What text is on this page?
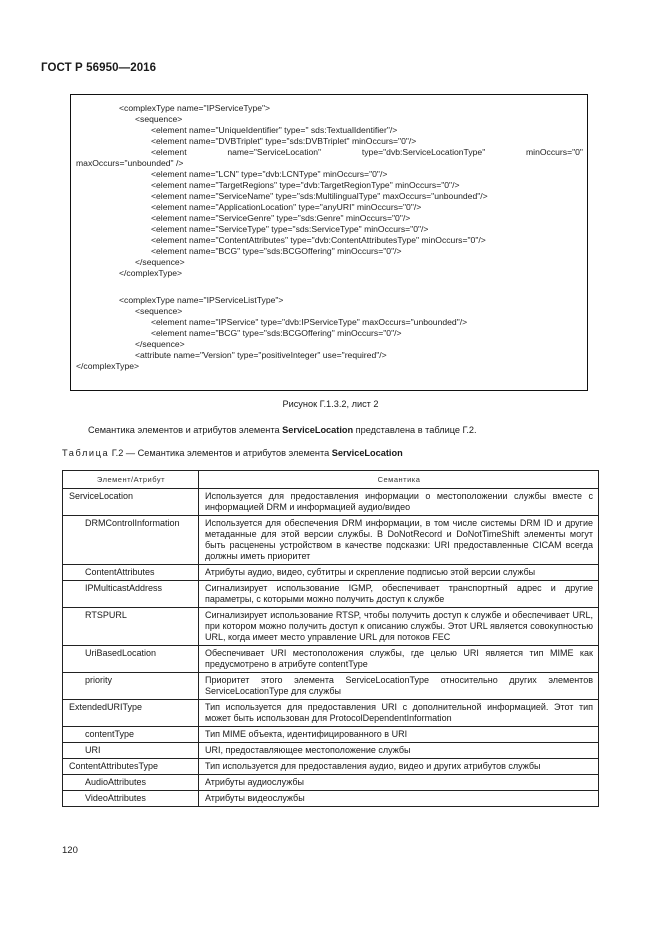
ГОСТ Р 56950—2016
<complexType name="IPServiceType">
<sequence>
<element name="UniqueIdentifier" type=" sds:TextualIdentifier"/>
<element name="DVBTriplet" type="sds:DVBTriplet" minOccurs="0"/>
<element	name="ServiceLocation"	type="dvb:ServiceLocationType"	minOccurs="0"
maxOccurs="unbounded" />
<element name="LCN" type="dvb:LCNType" minOccurs="0"/>
<element name="TargetRegions" type="dvb:TargetRegionType" minOccurs="0"/>
<element name="ServiceName" type="sds:MultilingualType" maxOccurs="unbounded"/>
<element name="ApplicationLocation" type="anyURI" minOccurs="0"/>
<element name="ServiceGenre" type="sds:Genre" minOccurs="0"/>
<element name="ServiceType" type="sds:ServiceType" minOccurs="0"/>
<element name="ContentAttributes" type="dvb:ContentAttributesType" minOccurs="0"/>
<element name="BCG" type="sds:BCGOffering" minOccurs="0"/>
</sequence>
</complexType>
<complexType name="IPServiceListType">
<sequence>
<element name="IPService" type="dvb:IPServiceType" maxOccurs="unbounded"/>
<element name="BCG" type="sds:BCGOffering" minOccurs="0"/>
</sequence>
<attribute name="Version" type="positiveInteger" use="required"/>
</complexType>
Рисунок Г.1.3.2, лист 2
Семантика элементов и атрибутов элемента ServiceLocation представлена в таблице Г.2.
Таблица Г.2 — Семантика элементов и атрибутов элемента ServiceLocation
Элемент/Атрибут	Семантика
ServiceLocation	Используется для предоставления информации о местоположении службы вместе с информацией DRM и информацией аудио/видео
DRMControlInformation	Используется для обеспечения DRM информации, в том числе системы DRM ID и другие метаданные для этой версии службы. В DoNotRecord и DoNotTimeShift элементы могут быть расценены устройством в качестве подсказки: URI предоставленные CICAM всегда должны иметь приоритет
ContentAttributes	Атрибуты аудио, видео, субтитры и скрепление подписью этой версии службы
IPMulticastAddress	Сигнализирует использование IGMP, обеспечивает транспортный адрес и другие параметры, с которыми можно получить доступ к службе
RTSPURL	Сигнализирует использование RTSP, чтобы получить доступ к службе и обеспечивает URL, при котором можно получить доступ к описанию службы. Этот URL является совокупностью URL, когда имеет место управление URL для потоков FEC
UriBasedLocation	Обеспечивает URI местоположения службы, где целью URI является тип MIME как предусмотрено в атрибуте contentType
priority	Приоритет этого элемента ServiceLocationType относительно других элементов ServiceLocationType для службы
ExtendedURIType	Тип используется для предоставления URI с дополнительной информацией. Этот тип может быть использован для ProtocolDependentInformation
contentType	Тип MIME объекта, идентифицированного в URI
URI	URI, предоставляющее местоположение службы
ContentAttributesType	Тип используется для предоставления аудио, видео и других атрибутов службы
AudioAttributes	Атрибуты аудиослужбы
VideoAttributes	Атрибуты видеослужбы
120
